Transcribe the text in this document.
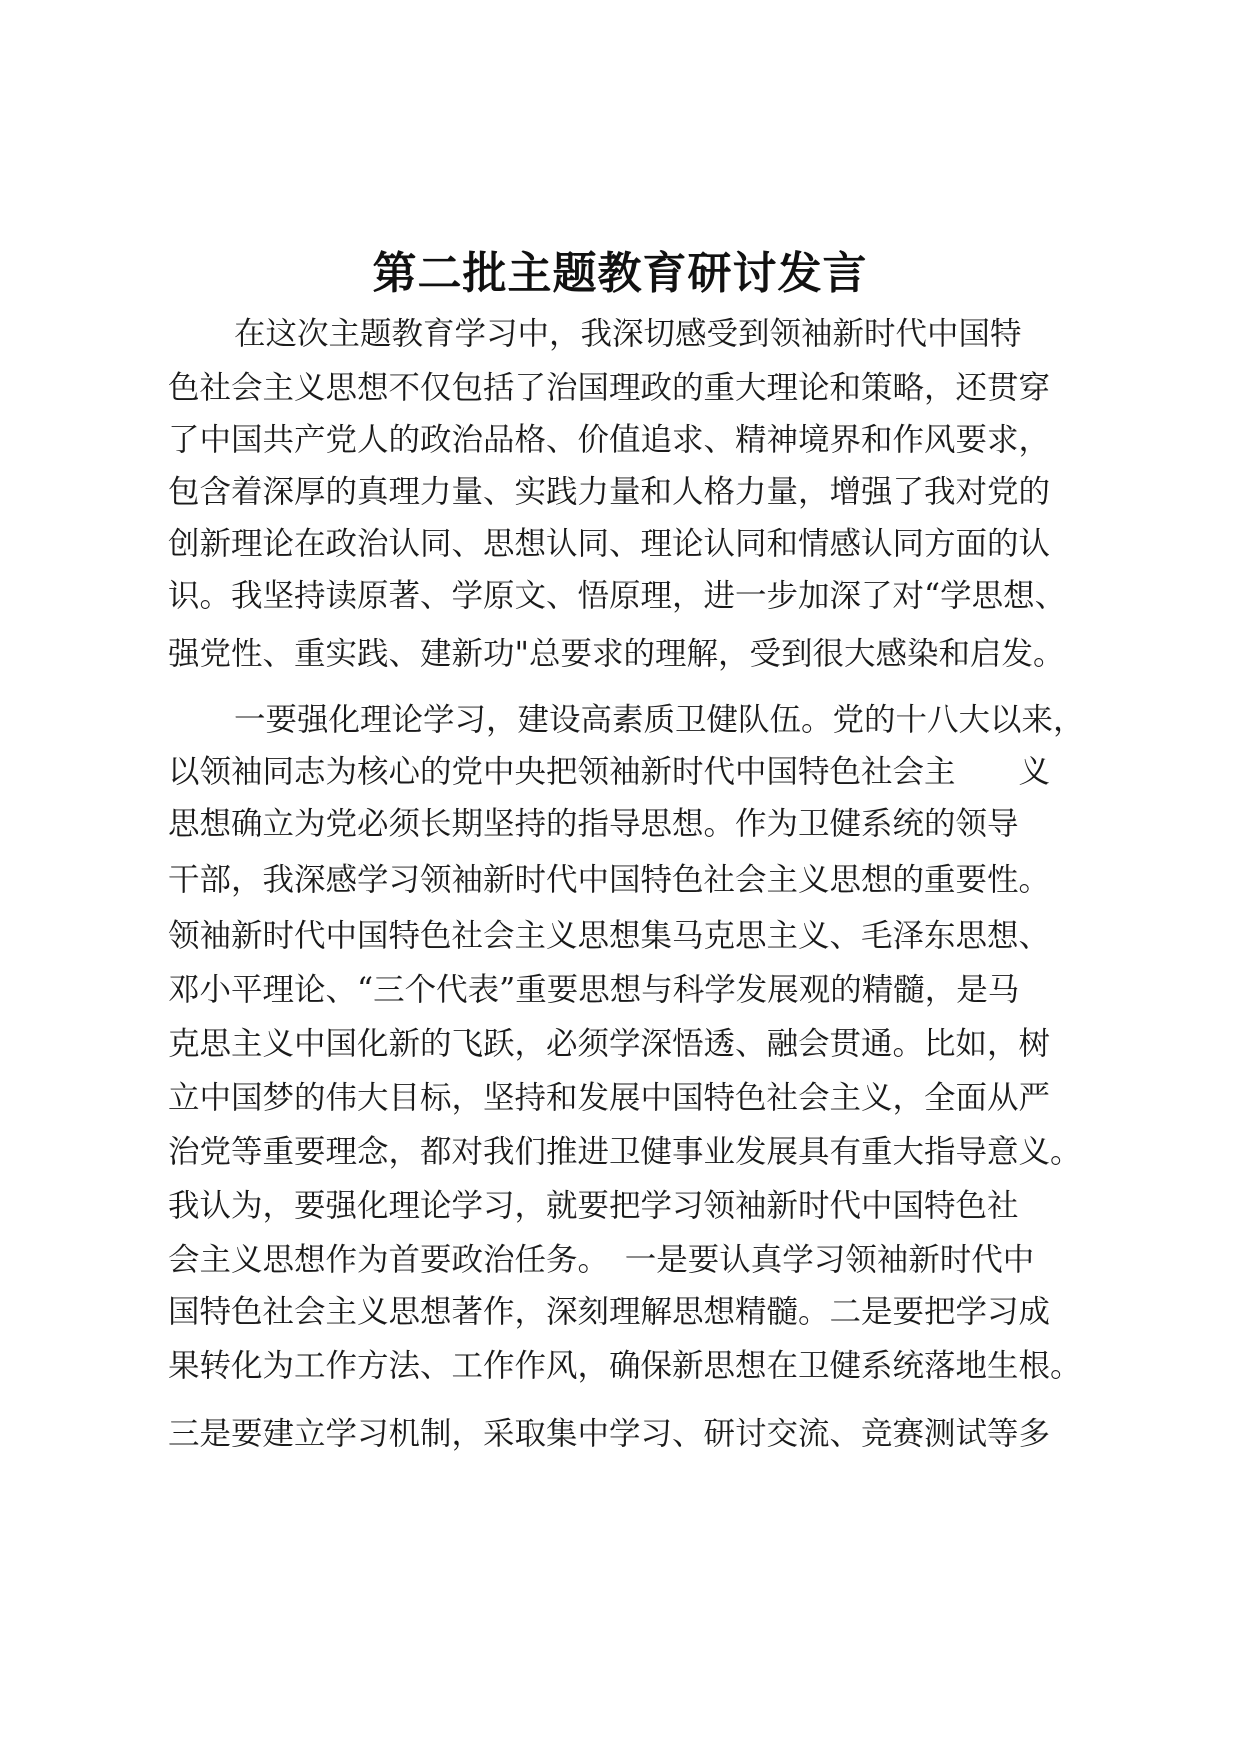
第二批主题教育研讨发言
在这次主题教育学习中，我深切感受到领袖新时代中国特
色社会主义思想不仅包括了治国理政的重大理论和策略，还贯穿
了中国共产党人的政治品格、价值追求、精神境界和作风要求，
包含着深厚的真理力量、实践力量和人格力量，增强了我对党的
创新理论在政治认同、思想认同、理论认同和情感认同方面的认
识。我坚持读原著、学原文、悟原理，进一步加深了对“学思想、
强党性、重实践、建新功"总要求的理解，受到很大感染和启发。
一要强化理论学习，建设高素质卫健队伍。党的十八大以来，
以领袖同志为核心的党中央把领袖新时代中国特色社会主　　义
思想确立为党必须长期坚持的指导思想。作为卫健系统的领导
干部，我深感学习领袖新时代中国特色社会主义思想的重要性。
领袖新时代中国特色社会主义思想集马克思主义、毛泽东思想、
邓小平理论、“三个代表”重要思想与科学发展观的精髓，是马
克思主义中国化新的飞跃，必须学深悟透、融会贯通。比如，树
立中国梦的伟大目标，坚持和发展中国特色社会主义，全面从严
治党等重要理念，都对我们推进卫健事业发展具有重大指导意义。
我认为，要强化理论学习，就要把学习领袖新时代中国特色社
会主义思想作为首要政治任务。　一是要认真学习领袖新时代中
国特色社会主义思想著作，深刻理解思想精髓。二是要把学习成
果转化为工作方法、工作作风，确保新思想在卫健系统落地生根。
三是要建立学习机制，采取集中学习、研讨交流、竞赛测试等多
